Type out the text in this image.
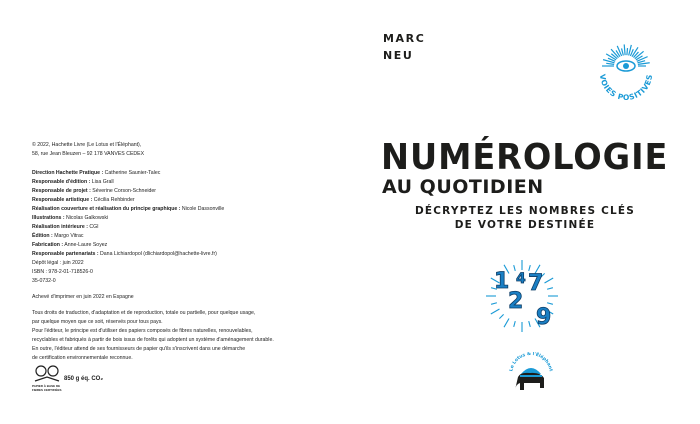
© 2022, Hachette Livre (Le Lotus et l'Éléphant),
58, rue Jean Bleuzen – 92 178 VANVES CEDEX
Direction Hachette Pratique : Catherine Saunier-Talec
Responsable d'édition : Lisa Grall
Responsable de projet : Séverine Corson-Schneider
Responsable artistique : Cécilia Rehbinder
Réalisation couverture et réalisation du principe graphique : Nicole Dassonville
Illustrations : Nicolas Galkowski
Réalisation intérieure : CGI
Édition : Margo Vitrac
Fabrication : Anne-Laure Soyez
Responsable partenariats : Dana Lichiardopol (dlichiardopol@hachette-livre.fr)
Dépôt légal : juin 2022
ISBN : 978-2-01-718526-0
35-0732-0
Achevé d'imprimer en juin 2022 en Espagne
Tous droits de traduction, d'adaptation et de reproduction, totale ou partielle, pour quelque usage,
par quelque moyen que ce soit, réservés pour tous pays.
Pour l'éditeur, le principe est d'utiliser des papiers composés de fibres naturelles, renouvelables,
recyclables et fabriqués à partir de bois issus de forêts qui adoptent un système d'aménagement durable.
En outre, l'éditeur attend de ses fournisseurs de papier qu'ils s'inscrivent dans une démarche
de certification environnementale reconnue.
PAPIER À BASE DE FIBRES CERTIFIÉES
850 g éq. CO₂
MARC
NEU
VOIES POSITIVES
NUMÉROLOGIE
AU QUOTIDIEN
DÉCRYPTEZ LES NOMBRES CLÉS
DE VOTRE DESTINÉE
1 4 7
2
9
Le Lotus & l'Éléphant
